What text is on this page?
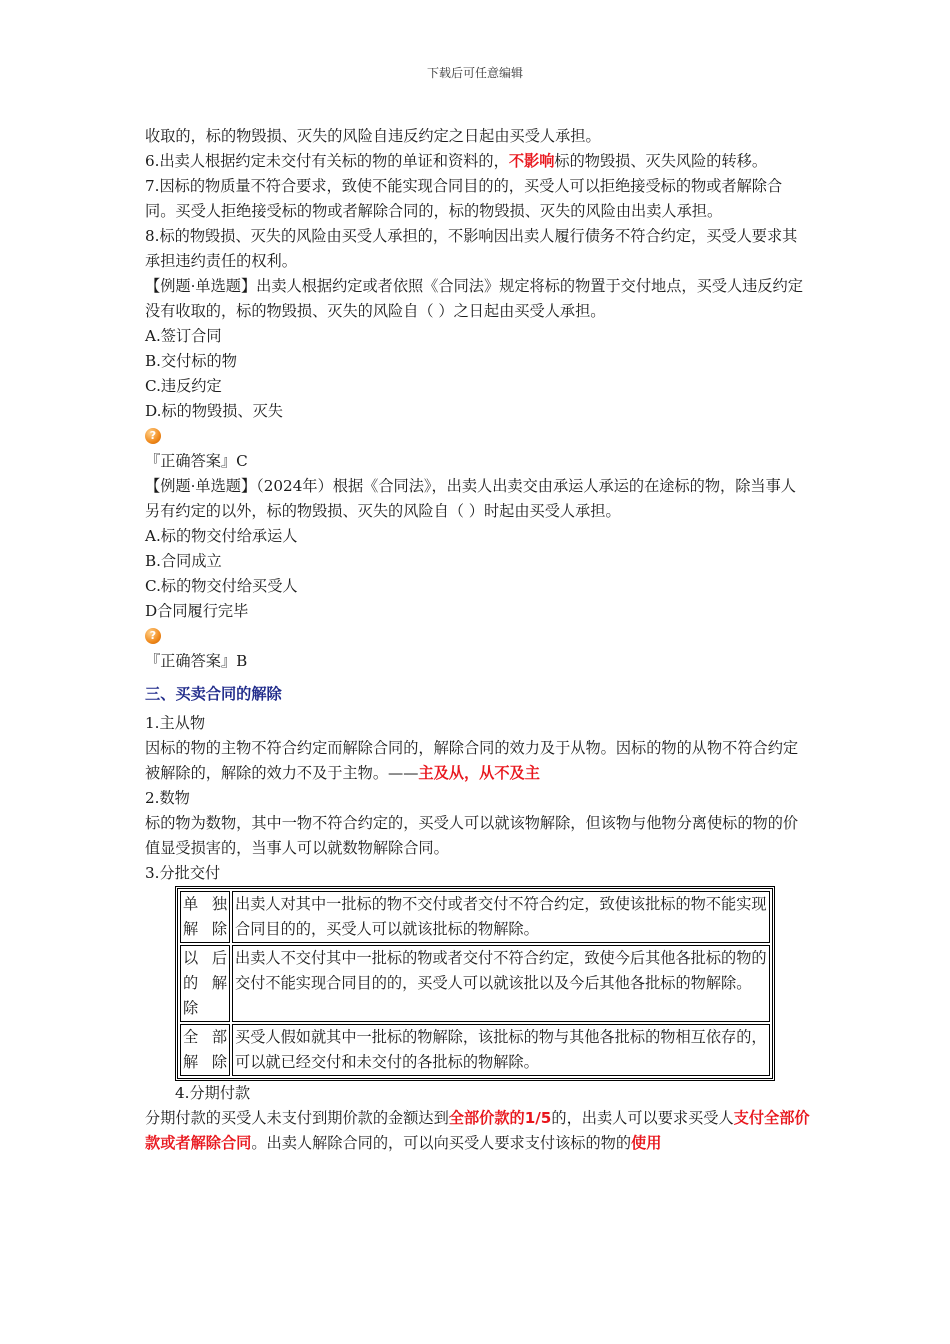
下载后可任意编辑

收取的，标的物毁损、灭失的风险自违反约定之日起由买受人承担。

6.出卖人根据约定未交付有关标的物的单证和资料的，不影响标的物毁损、灭失风险的转移。

7.因标的物质量不符合要求，致使不能实现合同目的的，买受人可以拒绝接受标的物或者解除合同。买受人拒绝接受标的物或者解除合同的，标的物毁损、灭失的风险由出卖人承担。

8.标的物毁损、灭失的风险由买受人承担的，不影响因出卖人履行债务不符合约定，买受人要求其承担违约责任的权利。

【例题·单选题】出卖人根据约定或者依照《合同法》规定将标的物置于交付地点，买受人违反约定没有收取的，标的物毁损、灭失的风险自（ ）之日起由买受人承担。

A.签订合同

B.交付标的物

C.违反约定

D.标的物毁损、灭失

?

『正确答案』C

【例题·单选题】（2024年）根据《合同法》，出卖人出卖交由承运人承运的在途标的物，除当事人另有约定的以外，标的物毁损、灭失的风险自（ ）时起由买受人承担。

A.标的物交付给承运人

B.合同成立

C.标的物交付给买受人

D合同履行完毕

?

『正确答案』B

三、买卖合同的解除

1.主从物

因标的物的主物不符合约定而解除合同的，解除合同的效力及于从物。因标的物的从物不符合约定被解除的，解除的效力不及于主物。——主及从，从不及主

2.数物

标的物为数物，其中一物不符合约定的，买受人可以就该物解除，但该物与他物分离使标的物的价值显受损害的，当事人可以就数物解除合同。

3.分批交付

单独解除	出卖人对其中一批标的物不交付或者交付不符合约定，致使该批标的物不能实现合同目的的，买受人可以就该批标的物解除。
以后的解除	出卖人不交付其中一批标的物或者交付不符合约定，致使今后其他各批标的物的交付不能实现合同目的的，买受人可以就该批以及今后其他各批标的物解除。
全部解除	买受人假如就其中一批标的物解除，该批标的物与其他各批标的物相互依存的，可以就已经交付和未交付的各批标的物解除。

4.分期付款

分期付款的买受人未支付到期价款的金额达到全部价款的1/5的，出卖人可以要求买受人支付全部价款或者解除合同。出卖人解除合同的，可以向买受人要求支付该标的物的使用
